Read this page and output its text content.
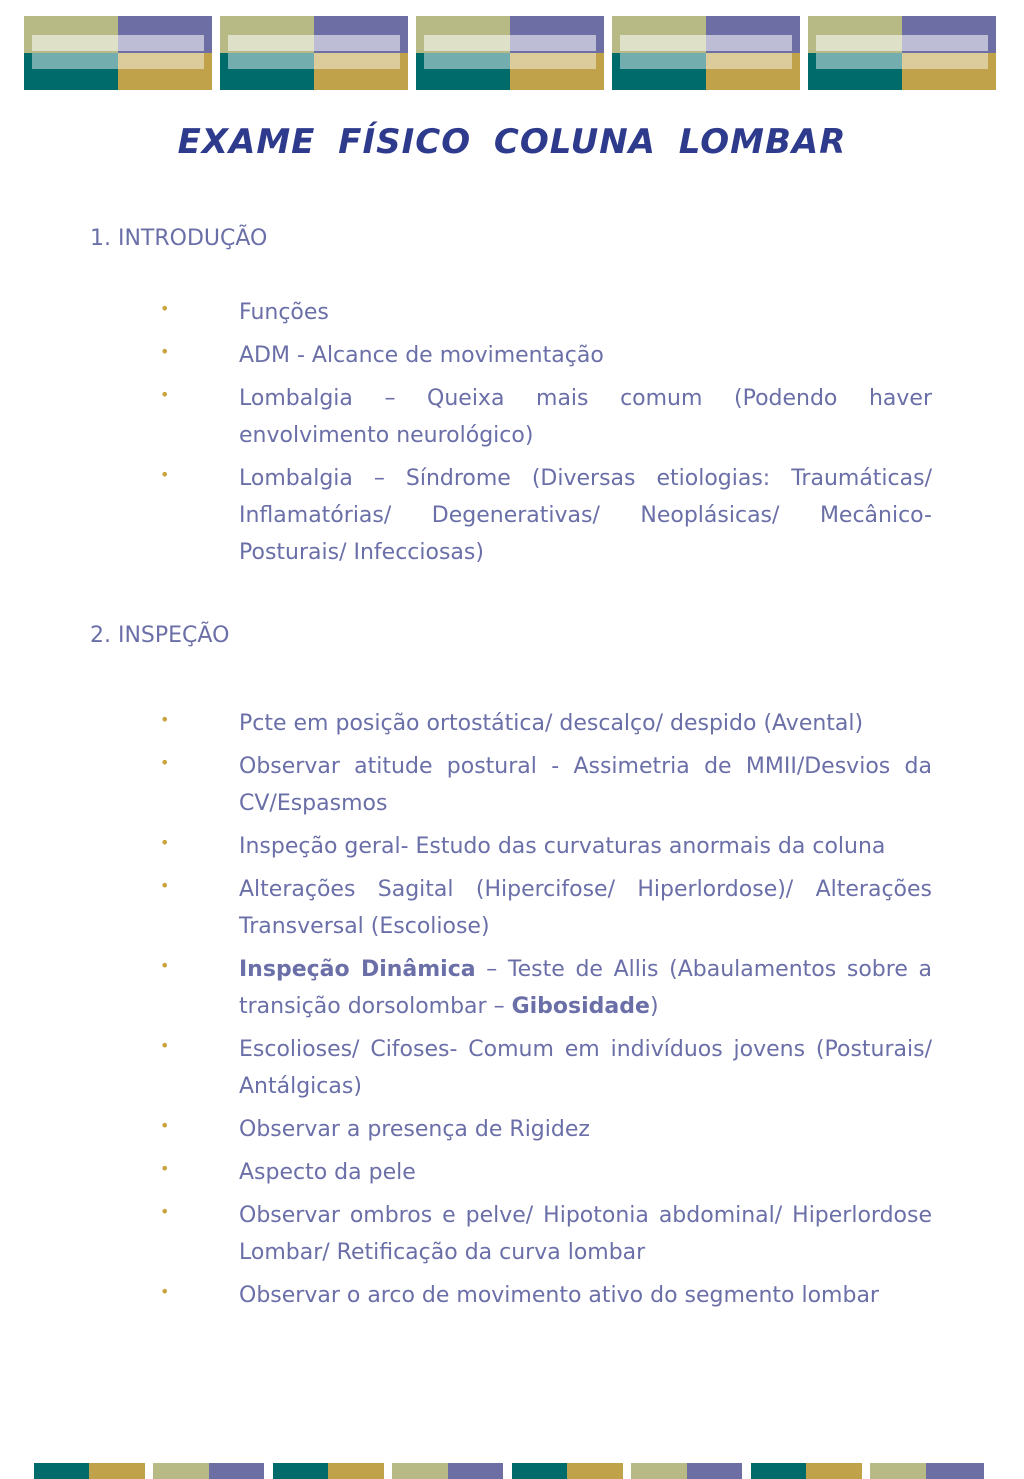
EXAME FÍSICO COLUNA LOMBAR
1. INTRODUÇÃO
•	Funções
•	ADM - Alcance de movimentação
•	Lombalgia – Queixa mais comum (Podendo haver envolvimento neurológico)
•	Lombalgia – Síndrome (Diversas etiologias: Traumáticas/ Inflamatórias/ Degenerativas/ Neoplásicas/ Mecânico-Posturais/ Infecciosas)
2. INSPEÇÃO
•	Pcte em posição ortostática/ descalço/ despido (Avental)
•	Observar atitude postural - Assimetria de MMII/Desvios da CV/Espasmos
•	Inspeção geral- Estudo das curvaturas anormais da coluna
•	Alterações Sagital (Hipercifose/ Hiperlordose)/ Alterações Transversal (Escoliose)
•	Inspeção Dinâmica – Teste de Allis (Abaulamentos sobre a transição dorsolombar – Gibosidade)
•	Escolioses/ Cifoses- Comum em indivíduos jovens (Posturais/ Antálgicas)
•	Observar a presença de Rigidez
•	Aspecto da pele
•	Observar ombros e pelve/ Hipotonia abdominal/ Hiperlordose Lombar/ Retificação da curva lombar
•	Observar o arco de movimento ativo do segmento lombar
